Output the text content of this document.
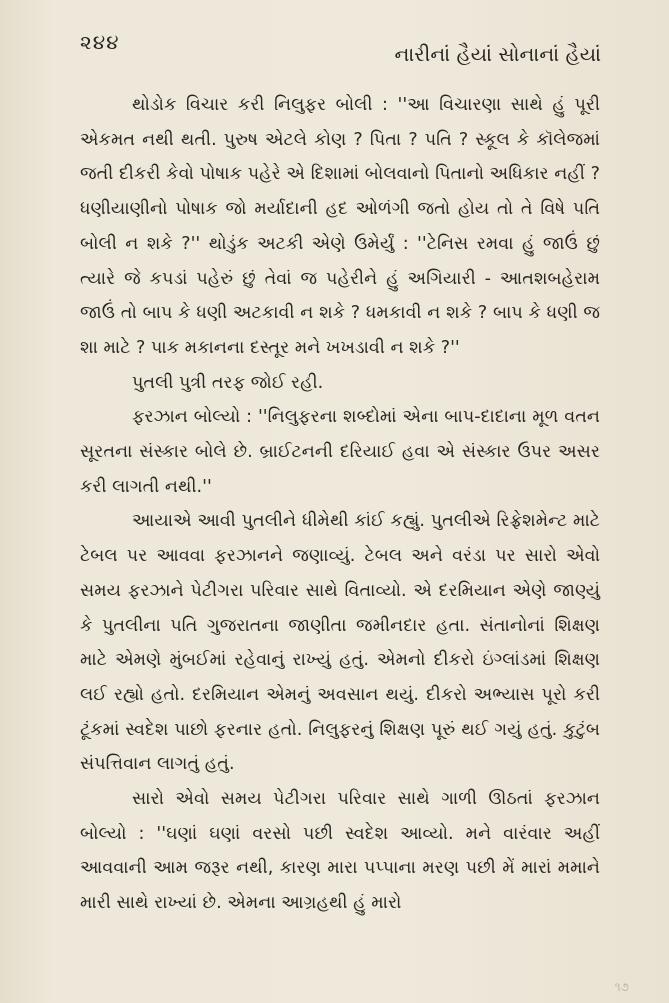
૨૪૪	નારીનાં હૈયાં સોનાનાં હૈયાં

થોડોક વિચાર કરી નિલુફર બોલી : ''આ વિચારણા સાથે હું પૂરી એકમત નથી થતી. પુરુષ એટલે કોણ ? પિતા ? પતિ ? સ્કૂલ કે કૉલેજમાં જતી દીકરી કેવો પોષાક પહેરે એ દિશામાં બોલવાનો પિતાનો અધિકાર નહીં ? ધણીયાણીનો પોષાક જો મર્યાદાની હદ ઓળંગી જતો હોય તો તે વિષે પતિ બોલી ન શકે ?'' થોડુંક અટકી એણે ઉમેર્યું : ''ટેનિસ રમવા હું જાઉં છું ત્યારે જે કપડાં પહેરું છું તેવાં જ પહેરીને હું અગિયારી - આતશબહેરામ જાઉં તો બાપ કે ધણી અટકાવી ન શકે ? ધમકાવી ન શકે ? બાપ કે ધણી જ શા માટે ? પાક મકાનના દસ્તૂર મને ખખડાવી ન શકે ?''

પુતલી પુત્રી તરફ જોઈ રહી.

ફરઝાન બોલ્યો : ''નિલુફરના શબ્દોમાં એના બાપ-દાદાના મૂળ વતન સૂરતના સંસ્કાર બોલે છે. બ્રાઈટનની દરિયાઈ હવા એ સંસ્કાર ઉપર અસર કરી લાગતી નથી.''

આયાએ આવી પુતલીને ધીમેથી કાંઈ કહ્યું. પુતલીએ રિફ્રેશમેન્ટ માટે ટેબલ પર આવવા ફરઝાનને જણાવ્યું. ટેબલ અને વરંડા પર સારો એવો સમય ફરઝાને પેટીગરા પરિવાર સાથે વિતાવ્યો. એ દરમિયાન એણે જાણ્યું કે પુતલીના પતિ ગુજરાતના જાણીતા જમીનદાર હતા. સંતાનોનાં શિક્ષણ માટે એમણે મુંબઈમાં રહેવાનું રાખ્યું હતું. એમનો દીકરો ઇંગ્લાંડમાં શિક્ષણ લઈ રહ્યો હતો. દરમિયાન એમનું અવસાન થયું. દીકરો અભ્યાસ પૂરો કરી ટૂંકમાં સ્વદેશ પાછો ફરનાર હતો. નિલુફરનું શિક્ષણ પૂરું થઈ ગયું હતું. કુટુંબ સંપત્તિવાન લાગતું હતું.

સારો એવો સમય પેટીગરા પરિવાર સાથે ગાળી ઊઠતાં ફરઝાન બોલ્યો : ''ઘણાં ઘણાં વરસો પછી સ્વદેશ આવ્યો. મને વારંવાર અહીં આવવાની આમ જરૂર નથી, કારણ મારા પપ્પાના મરણ પછી મેં મારાં મમાને મારી સાથે રાખ્યાં છે. એમના આગ્રહથી હું મારો

૧૭
